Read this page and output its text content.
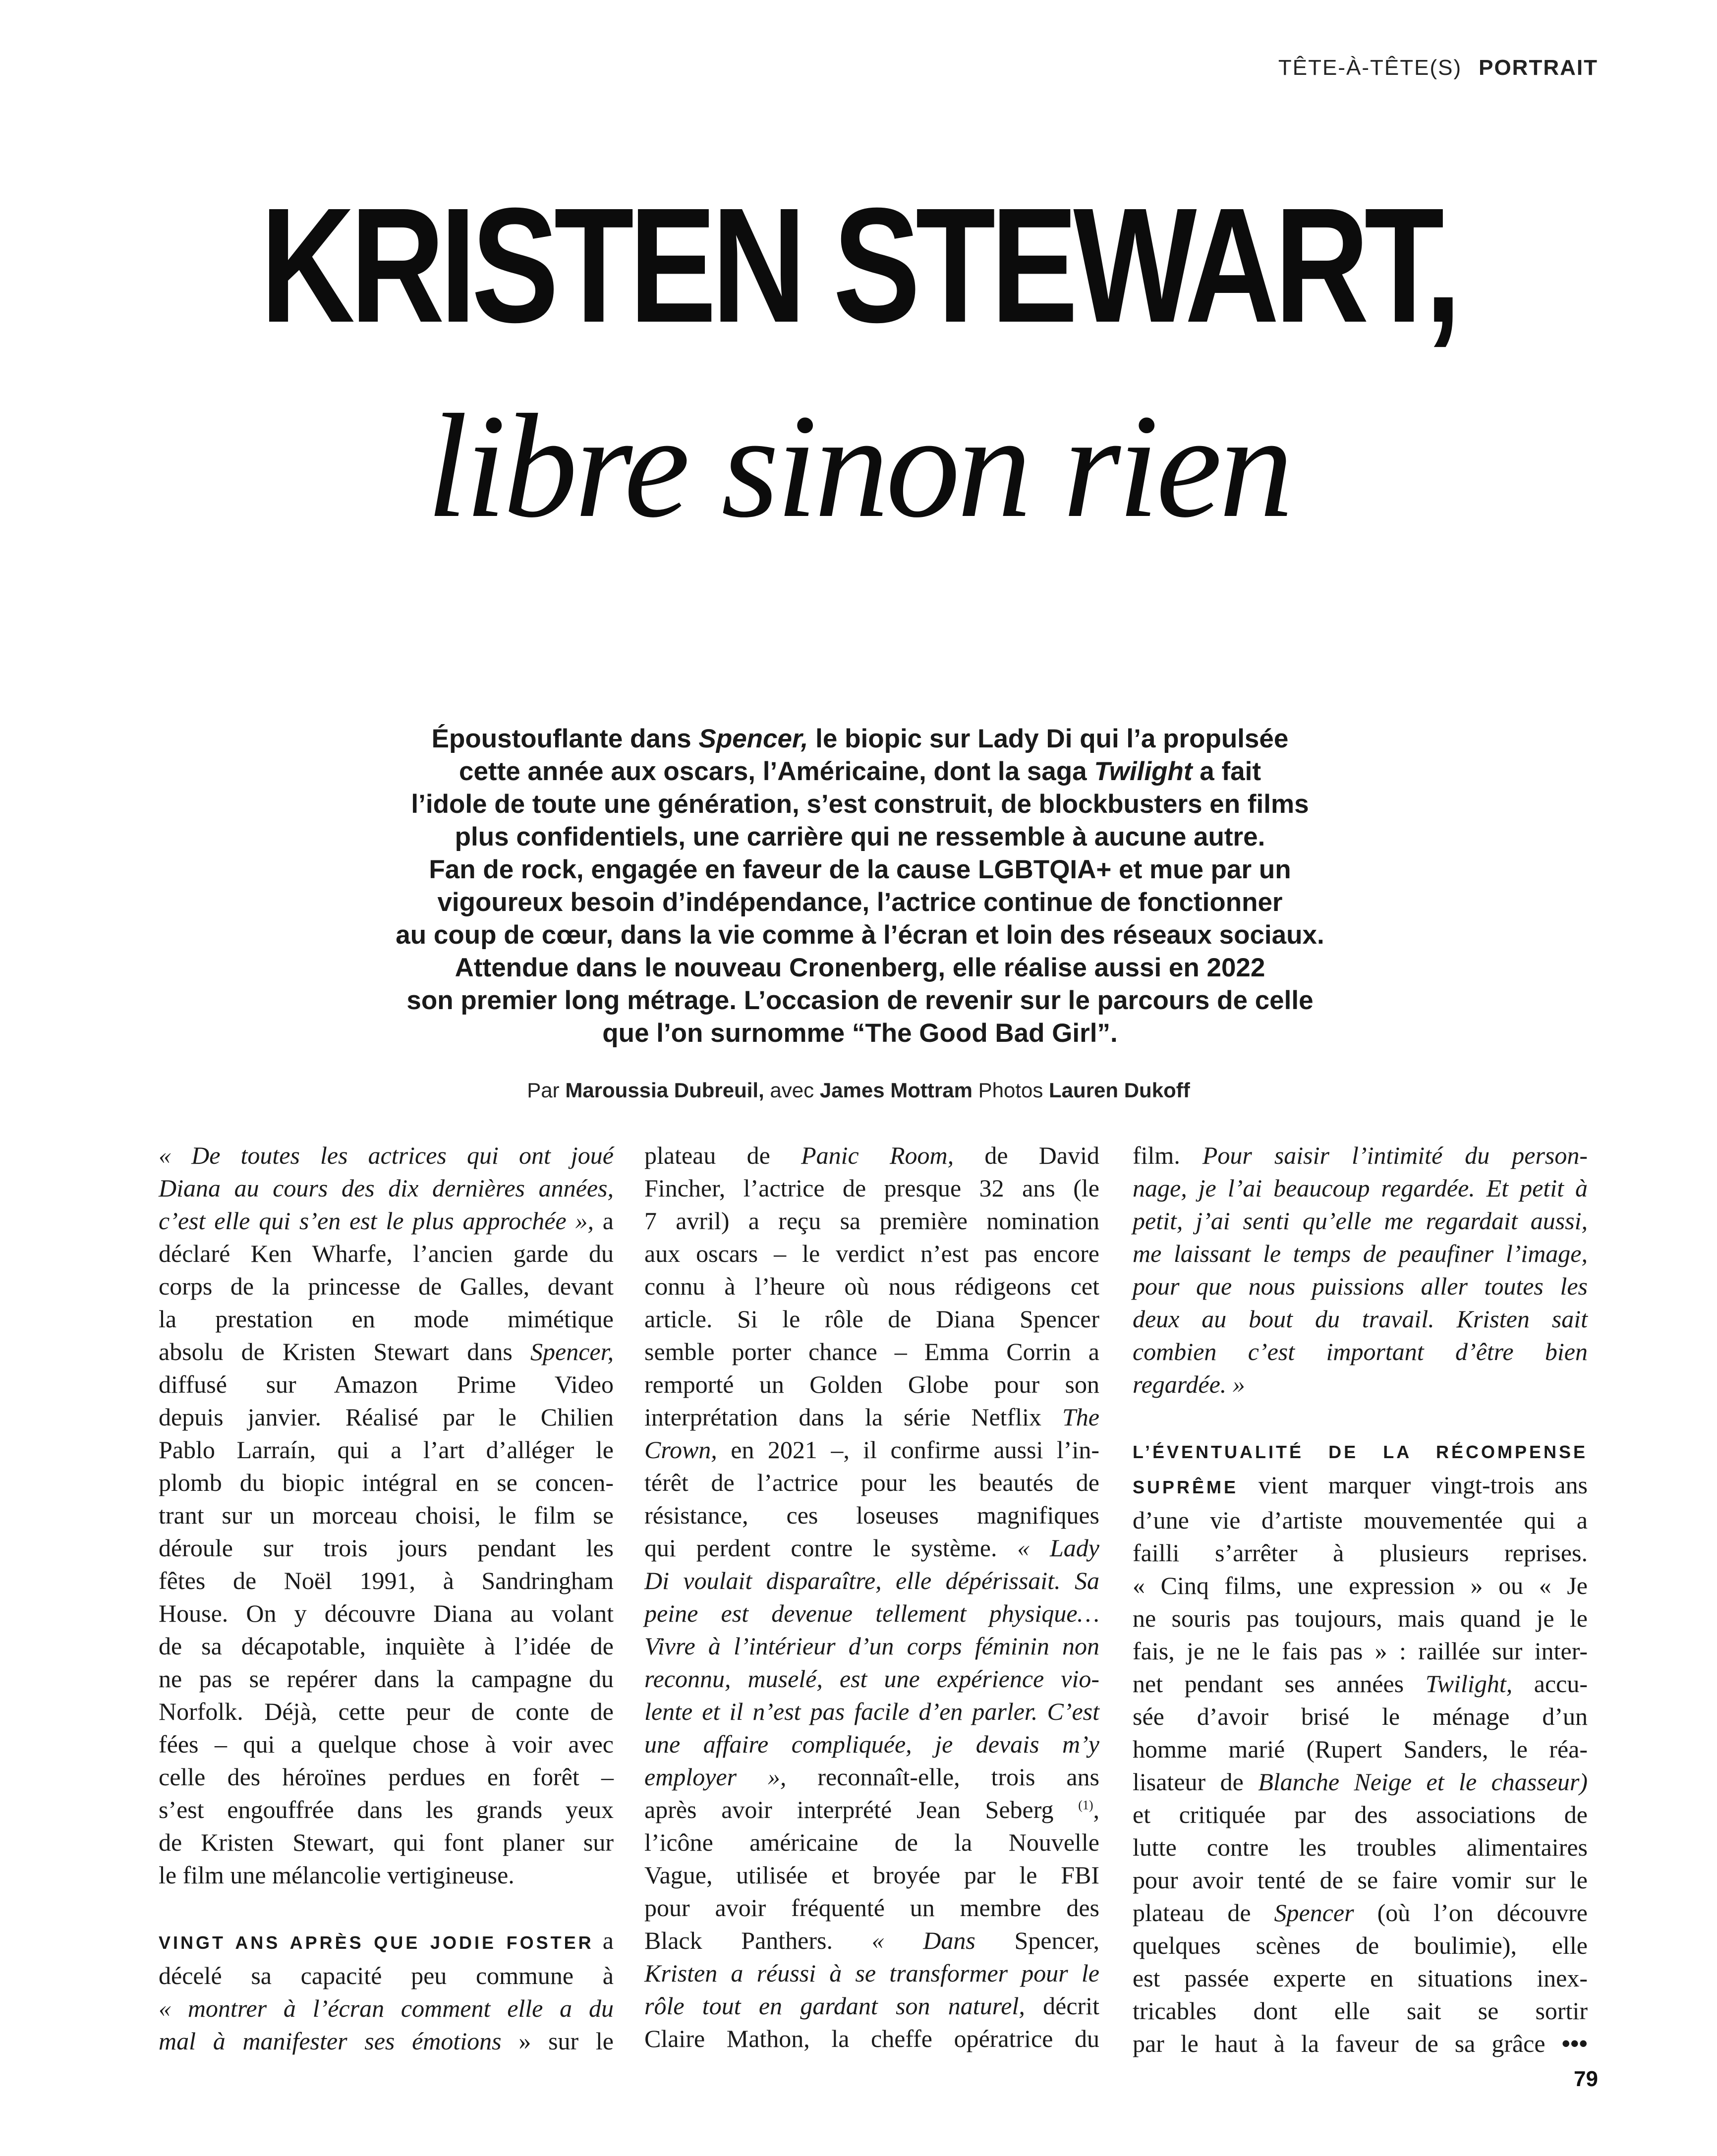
TÊTE-À-TÊTE(S) PORTRAIT
KRISTEN STEWART,
libre sinon rien
Époustouflante dans Spencer, le biopic sur Lady Di qui l’a propulsée
cette année aux oscars, l’Américaine, dont la saga Twilight a fait
l’idole de toute une génération, s’est construit, de blockbusters en films
plus confidentiels, une carrière qui ne ressemble à aucune autre.
Fan de rock, engagée en faveur de la cause LGBTQIA+ et mue par un
vigoureux besoin d’indépendance, l’actrice continue de fonctionner
au coup de cœur, dans la vie comme à l’écran et loin des réseaux sociaux.
Attendue dans le nouveau Cronenberg, elle réalise aussi en 2022
son premier long métrage. L’occasion de revenir sur le parcours de celle
que l’on surnomme “The Good Bad Girl”.
Par Maroussia Dubreuil, avec James Mottram Photos Lauren Dukoff
« De toutes les actrices qui ont joué
Diana au cours des dix dernières années,
c’est elle qui s’en est le plus approchée », a
déclaré Ken Wharfe, l’ancien garde du
corps de la princesse de Galles, devant
la prestation en mode mimétique
absolu de Kristen Stewart dans Spencer,
diffusé sur Amazon Prime Video
depuis janvier. Réalisé par le Chilien
Pablo Larraín, qui a l’art d’alléger le
plomb du biopic intégral en se concen-
trant sur un morceau choisi, le film se
déroule sur trois jours pendant les
fêtes de Noël 1991, à Sandringham
House. On y découvre Diana au volant
de sa décapotable, inquiète à l’idée de
ne pas se repérer dans la campagne du
Norfolk. Déjà, cette peur de conte de
fées – qui a quelque chose à voir avec
celle des héroïnes perdues en forêt –
s’est engouffrée dans les grands yeux
de Kristen Stewart, qui font planer sur
le film une mélancolie vertigineuse.
VINGT ANS APRÈS QUE JODIE FOSTER a
décelé sa capacité peu commune à
« montrer à l’écran comment elle a du
mal à manifester ses émotions » sur le
plateau de Panic Room, de David
Fincher, l’actrice de presque 32 ans (le
7 avril) a reçu sa première nomination
aux oscars – le verdict n’est pas encore
connu à l’heure où nous rédigeons cet
article. Si le rôle de Diana Spencer
semble porter chance – Emma Corrin a
remporté un Golden Globe pour son
interprétation dans la série Netflix The
Crown, en 2021 –, il confirme aussi l’in-
térêt de l’actrice pour les beautés de
résistance, ces loseuses magnifiques
qui perdent contre le système. « Lady
Di voulait disparaître, elle dépérissait. Sa
peine est devenue tellement physique…
Vivre à l’intérieur d’un corps féminin non
reconnu, muselé, est une expérience vio-
lente et il n’est pas facile d’en parler. C’est
une affaire compliquée, je devais m’y
employer », reconnaît-elle, trois ans
après avoir interprété Jean Seberg $^{(1)}$,
l’icône américaine de la Nouvelle
Vague, utilisée et broyée par le FBI
pour avoir fréquenté un membre des
Black Panthers. « Dans Spencer,
Kristen a réussi à se transformer pour le
rôle tout en gardant son naturel, décrit
Claire Mathon, la cheffe opératrice du
film. Pour saisir l’intimité du person-
nage, je l’ai beaucoup regardée. Et petit à
petit, j’ai senti qu’elle me regardait aussi,
me laissant le temps de peaufiner l’image,
pour que nous puissions aller toutes les
deux au bout du travail. Kristen sait
combien c’est important d’être bien
regardée. »
L’ÉVENTUALITÉ DE LA RÉCOMPENSE
SUPRÊME vient marquer vingt-trois ans
d’une vie d’artiste mouvementée qui a
failli s’arrêter à plusieurs reprises.
« Cinq films, une expression » ou « Je
ne souris pas toujours, mais quand je le
fais, je ne le fais pas » : raillée sur inter-
net pendant ses années Twilight, accu-
sée d’avoir brisé le ménage d’un
homme marié (Rupert Sanders, le réa-
lisateur de Blanche Neige et le chasseur)
et critiquée par des associations de
lutte contre les troubles alimentaires
pour avoir tenté de se faire vomir sur le
plateau de Spencer (où l’on découvre
quelques scènes de boulimie), elle
est passée experte en situations inex-
tricables dont elle sait se sortir
par le haut à la faveur de sa grâce •••
79
